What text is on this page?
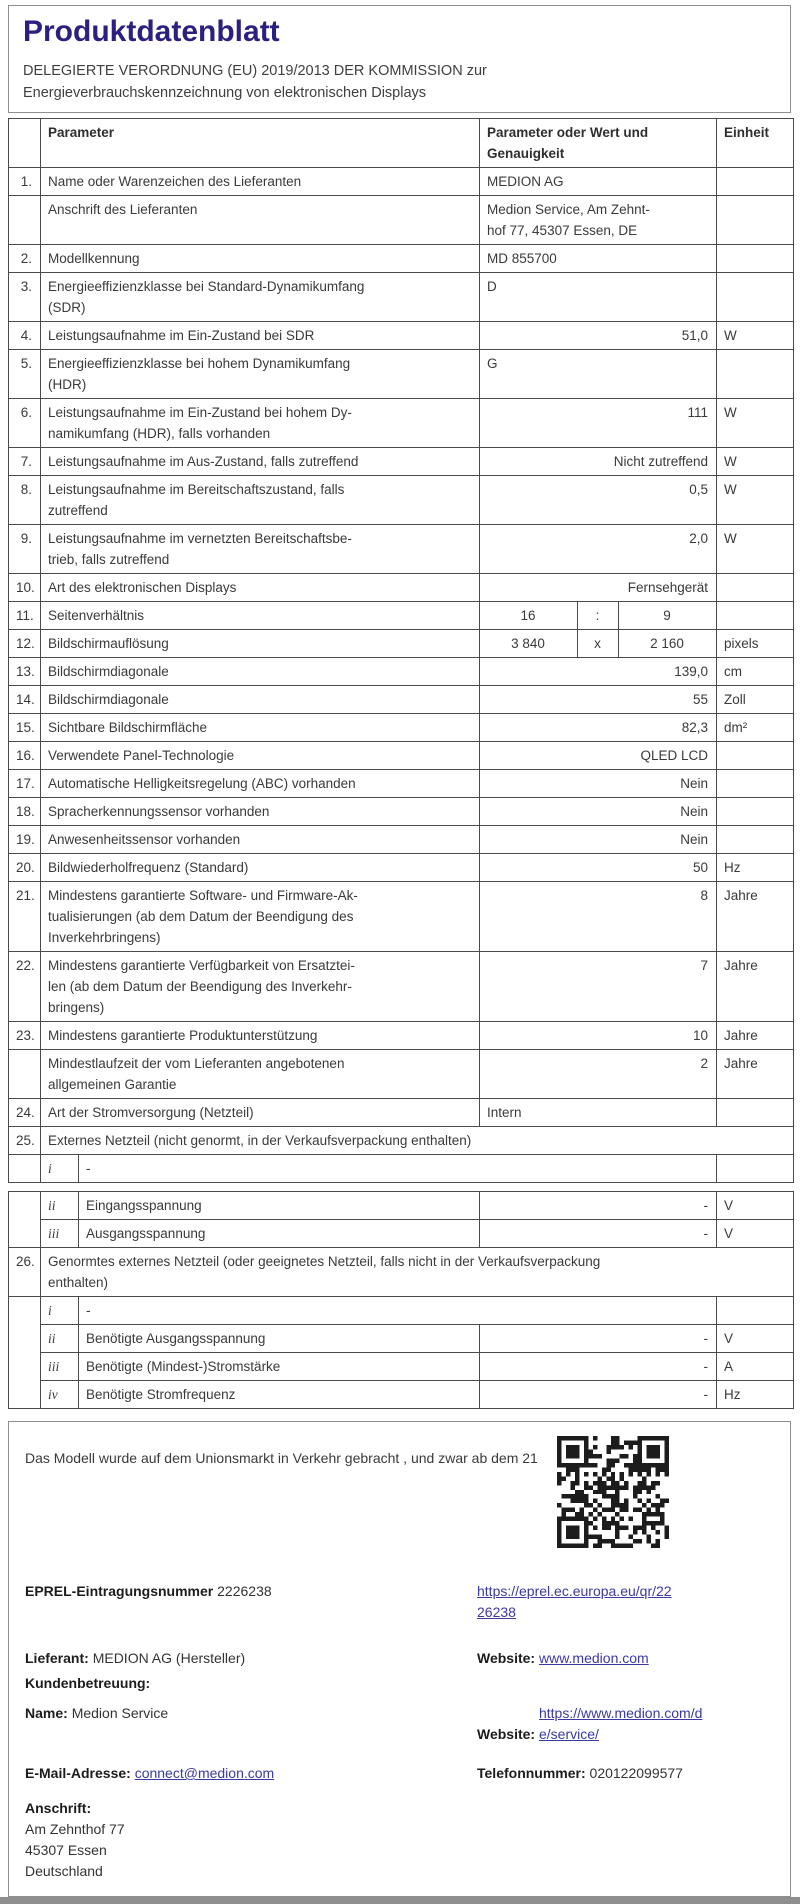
Produktdatenblatt
DELEGIERTE VERORDNUNG (EU) 2019/2013 DER KOMMISSION zur
Energieverbrauchskennzeichnung von elektronischen Displays
	Parameter		Parameter oder Wert und
Genauigkeit			Einheit
1.	Name oder Warenzeichen des Lieferanten		MEDION AG			
	Anschrift des Lieferanten		Medion Service, Am Zehnt-
hof 77, 45307 Essen, DE			
2.	Modellkennung		MD 855700			
3.	Energieeffizienzklasse bei Standard-Dynamikumfang
(SDR)		D			
4.	Leistungsaufnahme im Ein-Zustand bei SDR		51,0			W
5.	Energieeffizienzklasse bei hohem Dynamikumfang
(HDR)		G			
6.	Leistungsaufnahme im Ein-Zustand bei hohem Dy-
namikumfang (HDR), falls vorhanden		111			W
7.	Leistungsaufnahme im Aus-Zustand, falls zutreffend		Nicht zutreffend			W
8.	Leistungsaufnahme im Bereitschaftszustand, falls
zutreffend		0,5			W
9.	Leistungsaufnahme im vernetzten Bereitschaftsbe-
trieb, falls zutreffend		2,0			W
10.	Art des elektronischen Displays		Fernsehgerät			
11.	Seitenverhältnis		16	:	9	
12.	Bildschirmauflösung		3 840	x	2 160	pixels
13.	Bildschirmdiagonale		139,0			cm
14.	Bildschirmdiagonale		55			Zoll
15.	Sichtbare Bildschirmfläche		82,3			dm²
16.	Verwendete Panel-Technologie		QLED LCD			
17.	Automatische Helligkeitsregelung (ABC) vorhanden		Nein			
18.	Spracherkennungssensor vorhanden		Nein			
19.	Anwesenheitssensor vorhanden		Nein			
20.	Bildwiederholfrequenz (Standard)		50			Hz
21.	Mindestens garantierte Software- und Firmware-Ak-
tualisierungen (ab dem Datum der Beendigung des
Inverkehrbringens)		8			Jahre
22.	Mindestens garantierte Verfügbarkeit von Ersatztei-
len (ab dem Datum der Beendigung des Inverkehr-
bringens)		7			Jahre
23.	Mindestens garantierte Produktunterstützung		10			Jahre
	Mindestlaufzeit der vom Lieferanten angebotenen
allgemeinen Garantie		2			Jahre
24.	Art der Stromversorgung (Netzteil)		Intern			
25.	Externes Netzteil (nicht genormt, in der Verkaufsverpackung enthalten)					
	i	-				
	ii	Eingangsspannung	-	V
	iii	Ausgangsspannung	-	V
26.	Genormtes externes Netzteil (oder geeignetes Netzteil, falls nicht in der Verkaufsverpackung
enthalten)			
	i	-		
	ii	Benötigte Ausgangsspannung	-	V
	iii	Benötigte (Mindest-)Stromstärke	-	A
	iv	Benötigte Stromfrequenz	-	Hz

Das Modell wurde auf dem Unionsmarkt in Verkehr gebracht , und zwar ab dem 21

EPREL-Eintragungsnummer 2226238	https://eprel.ec.europa.eu/qr/22
26238
Lieferant: MEDION AG (Hersteller)	Website: www.medion.com
Kundenbetreuung:
Name: Medion Service
Website: https://www.medion.com/d
e/service/
E-Mail-Adresse: connect@medion.com	Telefonnummer: 020122099577
Anschrift:
Am Zehnthof 77
45307 Essen
Deutschland
